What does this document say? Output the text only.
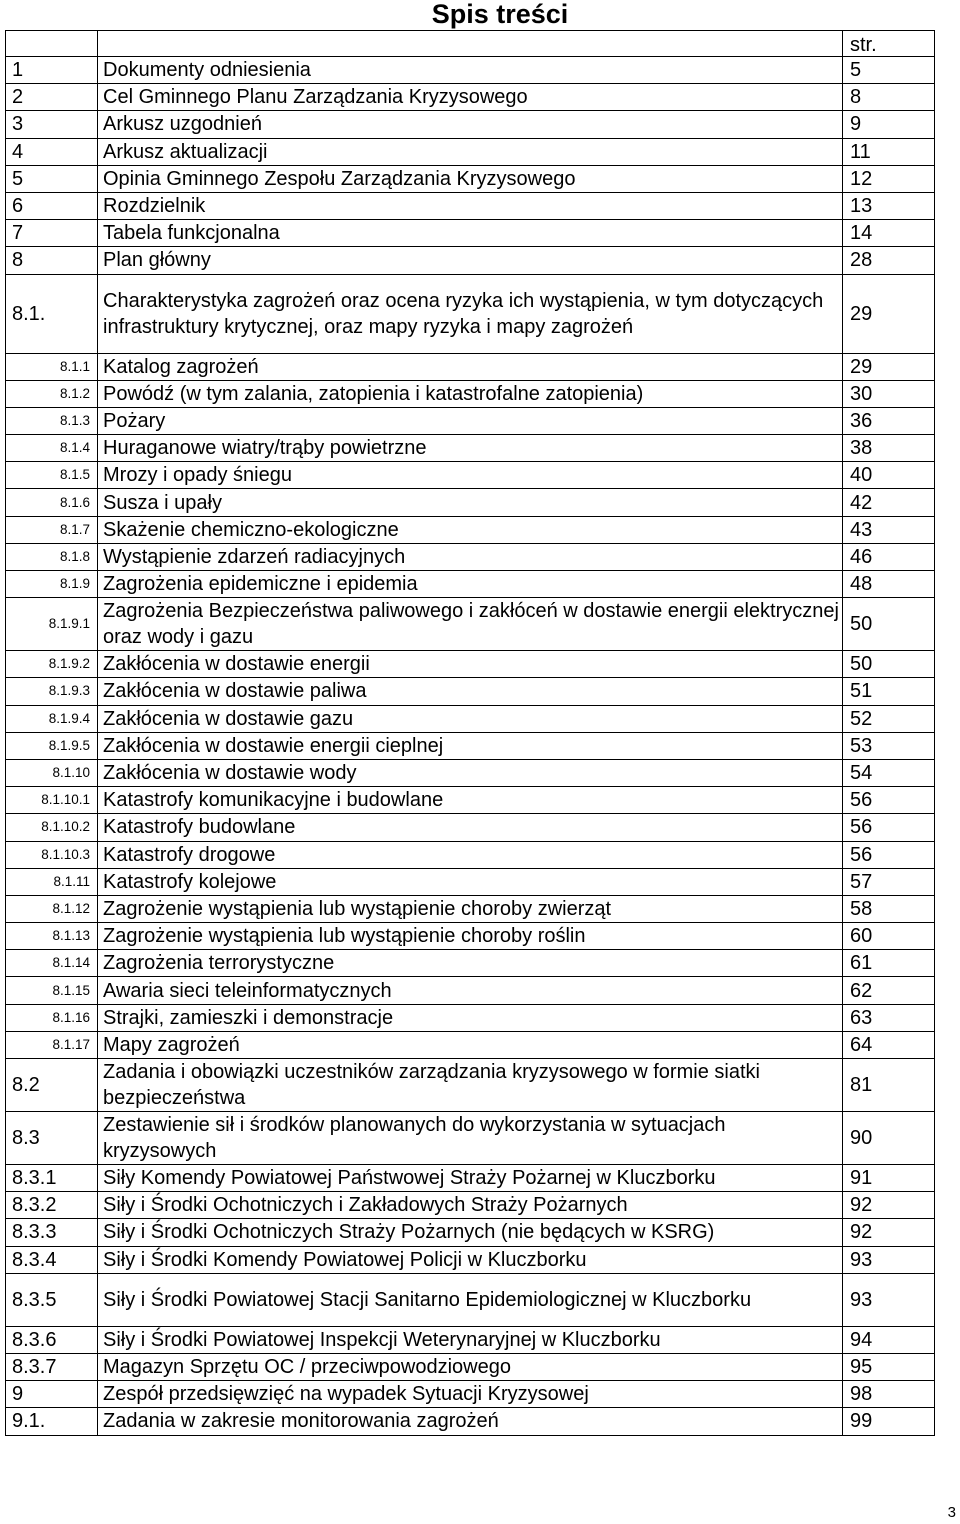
Spis treści
		str.
1	Dokumenty odniesienia	5
2	Cel Gminnego Planu Zarządzania Kryzysowego	8
3	Arkusz uzgodnień	9
4	Arkusz aktualizacji	11
5	Opinia Gminnego Zespołu Zarządzania Kryzysowego	12
6	Rozdzielnik	13
7	Tabela funkcjonalna	14
8	Plan główny	28
8.1.	Charakterystyka zagrożeń oraz ocena ryzyka ich wystąpienia, w tym dotyczących infrastruktury krytycznej, oraz mapy ryzyka i mapy zagrożeń	29
8.1.1	Katalog zagrożeń	29
8.1.2	Powódź (w tym zalania, zatopienia i katastrofalne zatopienia)	30
8.1.3	Pożary	36
8.1.4	Huraganowe wiatry/trąby powietrzne	38
8.1.5	Mrozy i opady śniegu	40
8.1.6	Susza i upały	42
8.1.7	Skażenie chemiczno-ekologiczne	43
8.1.8	Wystąpienie zdarzeń radiacyjnych	46
8.1.9	Zagrożenia epidemiczne i epidemia	48
8.1.9.1	Zagrożenia Bezpieczeństwa paliwowego i zakłóceń w dostawie energii elektrycznej oraz wody i gazu	50
8.1.9.2	Zakłócenia w dostawie energii	50
8.1.9.3	Zakłócenia w dostawie paliwa	51
8.1.9.4	Zakłócenia w dostawie gazu	52
8.1.9.5	Zakłócenia w dostawie energii cieplnej	53
8.1.10	Zakłócenia w dostawie wody	54
8.1.10.1	Katastrofy komunikacyjne i budowlane	56
8.1.10.2	Katastrofy budowlane	56
8.1.10.3	Katastrofy drogowe	56
8.1.11	Katastrofy kolejowe	57
8.1.12	Zagrożenie wystąpienia lub wystąpienie choroby zwierząt	58
8.1.13	Zagrożenie wystąpienia lub wystąpienie choroby roślin	60
8.1.14	Zagrożenia terrorystyczne	61
8.1.15	Awaria sieci teleinformatycznych	62
8.1.16	Strajki, zamieszki i demonstracje	63
8.1.17	Mapy zagrożeń	64
8.2	Zadania i obowiązki uczestników zarządzania kryzysowego w formie siatki bezpieczeństwa	81
8.3	Zestawienie sił i środków planowanych do wykorzystania w sytuacjach kryzysowych	90
8.3.1	Siły Komendy Powiatowej Państwowej Straży Pożarnej w Kluczborku	91
8.3.2	Siły i Środki Ochotniczych i Zakładowych Straży Pożarnych	92
8.3.3	Siły i Środki Ochotniczych Straży Pożarnych (nie będących w KSRG)	92
8.3.4	Siły i Środki Komendy Powiatowej Policji w Kluczborku	93
8.3.5	Siły i Środki Powiatowej Stacji Sanitarno Epidemiologicznej w Kluczborku	93
8.3.6	Siły i Środki Powiatowej Inspekcji Weterynaryjnej w Kluczborku	94
8.3.7	Magazyn Sprzętu OC / przeciwpowodziowego	95
9	Zespół przedsięwzięć na wypadek Sytuacji Kryzysowej	98
9.1.	Zadania w zakresie monitorowania zagrożeń	99
3
